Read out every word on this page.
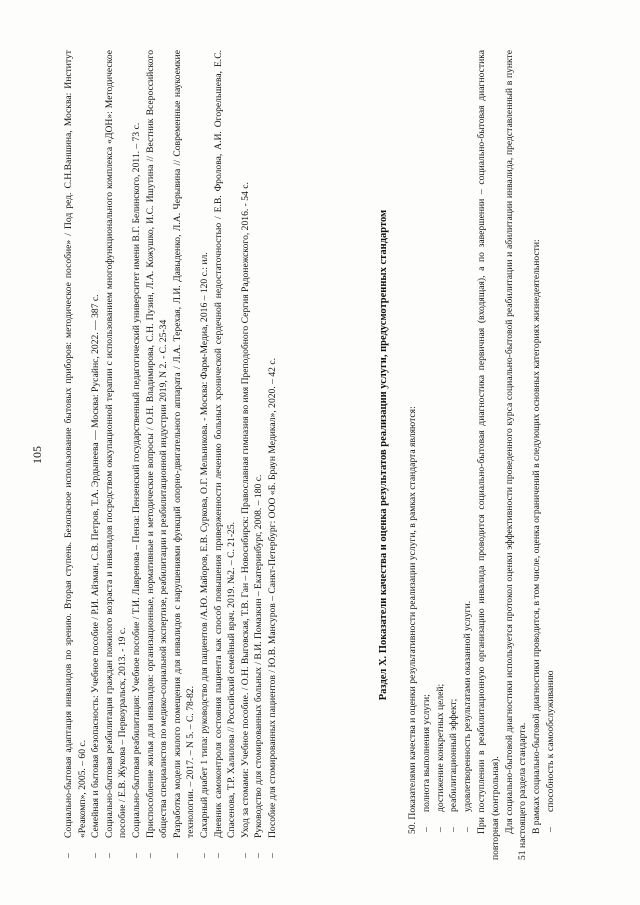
105

–
Социально-бытовая адаптация инвалидов по зрению. Вторая ступень. Безопасное использование бытовых приборов: методическое пособие» / Под ред. С.Н.Ваншина, Москва: Институт «Реакомп», 2005. – 60 с.

–
Семейная и бытовая безопасность: Учебное пособие / Р.И. Айзман, С.В. Петров, Т.А. Эрдынеева — Москва: Русайнс, 2022. — 387 с.

–
Социально-бытовая реабилитация граждан пожилого возраста и инвалидов посредством оккупационной терапии с использованием многофункционального комплекса «ДОН»: Методическое пособие / Е.В. Жукова – Первоуральск, 2013. - 19 с.

–
Социально-бытовая реабилитация: Учебное пособие / Т.И. Лавренова – Пенза: Пензенский государственный педагогический университет имени В.Г. Белинского, 2011. – 73 с.

–
Приспособление жилья для инвалидов: организационные, нормативные и методические вопросы / О.Н. Владимирова, С.Н. Пузин, Л.А. Кожушко, И.С. Ишутина // Вестник Всероссийского общества специалистов по медико-социальной экспертизе, реабилитации и реабилитационной индустрии 2019, N 2. - С. 25-34

–
Разработка модели жилого помещения для инвалидов с нарушениями функций опорно-двигательного аппарата / Л.А. Терехая, Л.И. Давыденко, Л.А. Черывина // Современные наукоемкие технологии. – 2017. – N 5. – С. 78-82.

–
Сахарный диабет 1 типа: руководство для пациентов /А.Ю. Майоров, Е.В. Суркова, О.Г. Мельникова. - Москва: Фарм-Медиа, 2016 – 120 с.: ил.

–
Дневник самоконтроля состояния пациента как способ повышения приверженности лечению больных хронической сердечной недостаточностью / Е.В. Фролова, А.И. Огорельшева, Е.С. Спасенова, Т.Р. Халилова // Российский семейный врач. 2019. №2. – С. 21-25.

–
Уход за стомами: Учебное пособие. / О.Н. Выговская, Т.В. Ган – Новосибирск: Православная гимназия во имя Преподобного Сергия Радонежского, 2016. - 54 с.

–
Руководство для стомированных больных / В.И. Помазкин – Екатеринбург, 2008. – 180 с.

–
Пособие для стомированных пациентов / Ю.В. Мансуров – Санкт-Петербург: ООО «Б. Браун Медикал», 2020. – 42 с.	Раздел X. Показатели качества и оценка результатов реализации услуги, предусмотренных стандартом 50. Показателями качества и оценки результативности реализации услуги, в рамках стандарта являются: –
полнота выполнения услуги;

–
достижение конкретных целей;

–
реабилитационный эффект;

–
удовлетворенность результатами оказанной услуги. При поступлении в реабилитационную организацию инвалида проводится социально-бытовая диагностика первичная (входящая), а по завершении – социально-бытовая диагностика повторная (контрольная). Для социально-бытовой диагностики используется протокол оценки эффективности проведенного курса социально-бытовой реабилитации и абилитации инвалида, представленный в пункте 51 настоящего раздела стандарта. В рамках социально-бытовой диагностики проводится, в том числе, оценка ограничений в следующих основных категориях жизнедеятельности: –
способность к самообслуживанию
